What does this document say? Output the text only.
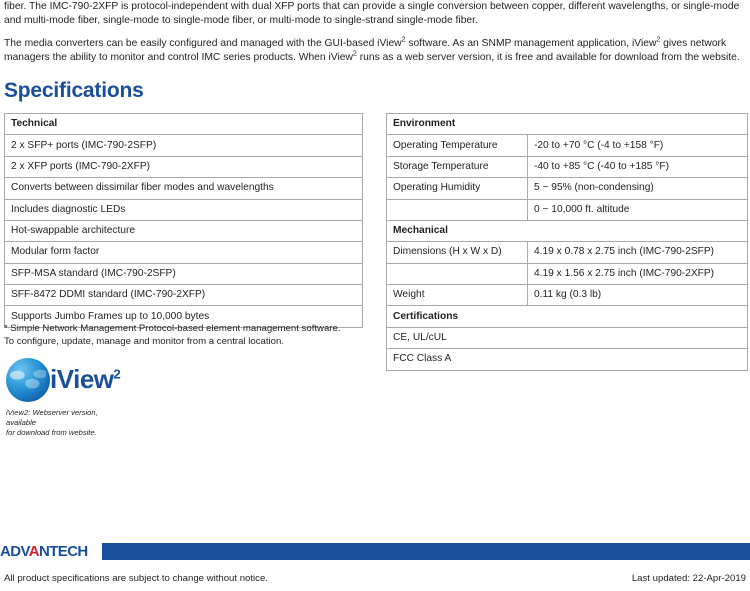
fiber. The IMC-790-2XFP is protocol-independent with dual XFP ports that can provide a single conversion between copper, different wavelengths, or single-mode and multi-mode fiber, single-mode to single-mode fiber, or multi-mode to single-strand single-mode fiber.

The media converters can be easily configured and managed with the GUI-based iView$^2$ software. As an SNMP management application, iView$^2$ gives network managers the ability to monitor and control IMC series products. When iView$^2$ runs as a web server version, it is free and available for download from the website.

Specifications
Technical
2 x SFP+ ports (IMC-790-2SFP)
2 x XFP ports (IMC-790-2XFP)
Converts between dissimilar fiber modes and wavelengths
Includes diagnostic LEDs
Hot-swappable architecture
Modular form factor
SFP-MSA standard (IMC-790-2SFP)
SFF-8472 DDMI standard (IMC-790-2XFP)
Supports Jumbo Frames up to 10,000 bytes
Environment	
Operating Temperature	-20 to +70 °C (-4 to +158 °F)
Storage Temperature	-40 to +85 °C (-40 to +185 °F)
Operating Humidity	5 ~ 95% (non-condensing)
	0 ~ 10,000 ft. altitude
Mechanical	
Dimensions (H x W x D)	4.19 x 0.78 x 2.75 inch (IMC-790-2SFP)
	4.19 x 1.56 x 2.75 inch (IMC-790-2XFP)
Weight	0.11 kg (0.3 lb)
Certifications	
CE, UL/cUL	
FCC Class A	
* Simple Network Management Protocol-based element management software.
To configure, update, manage and monitor from a central location.
iView$^2$
iView2: Webserver version, available
for download from website.
ADVANTECH
All product specifications are subject to change without notice.	Last updated: 22-Apr-2019
